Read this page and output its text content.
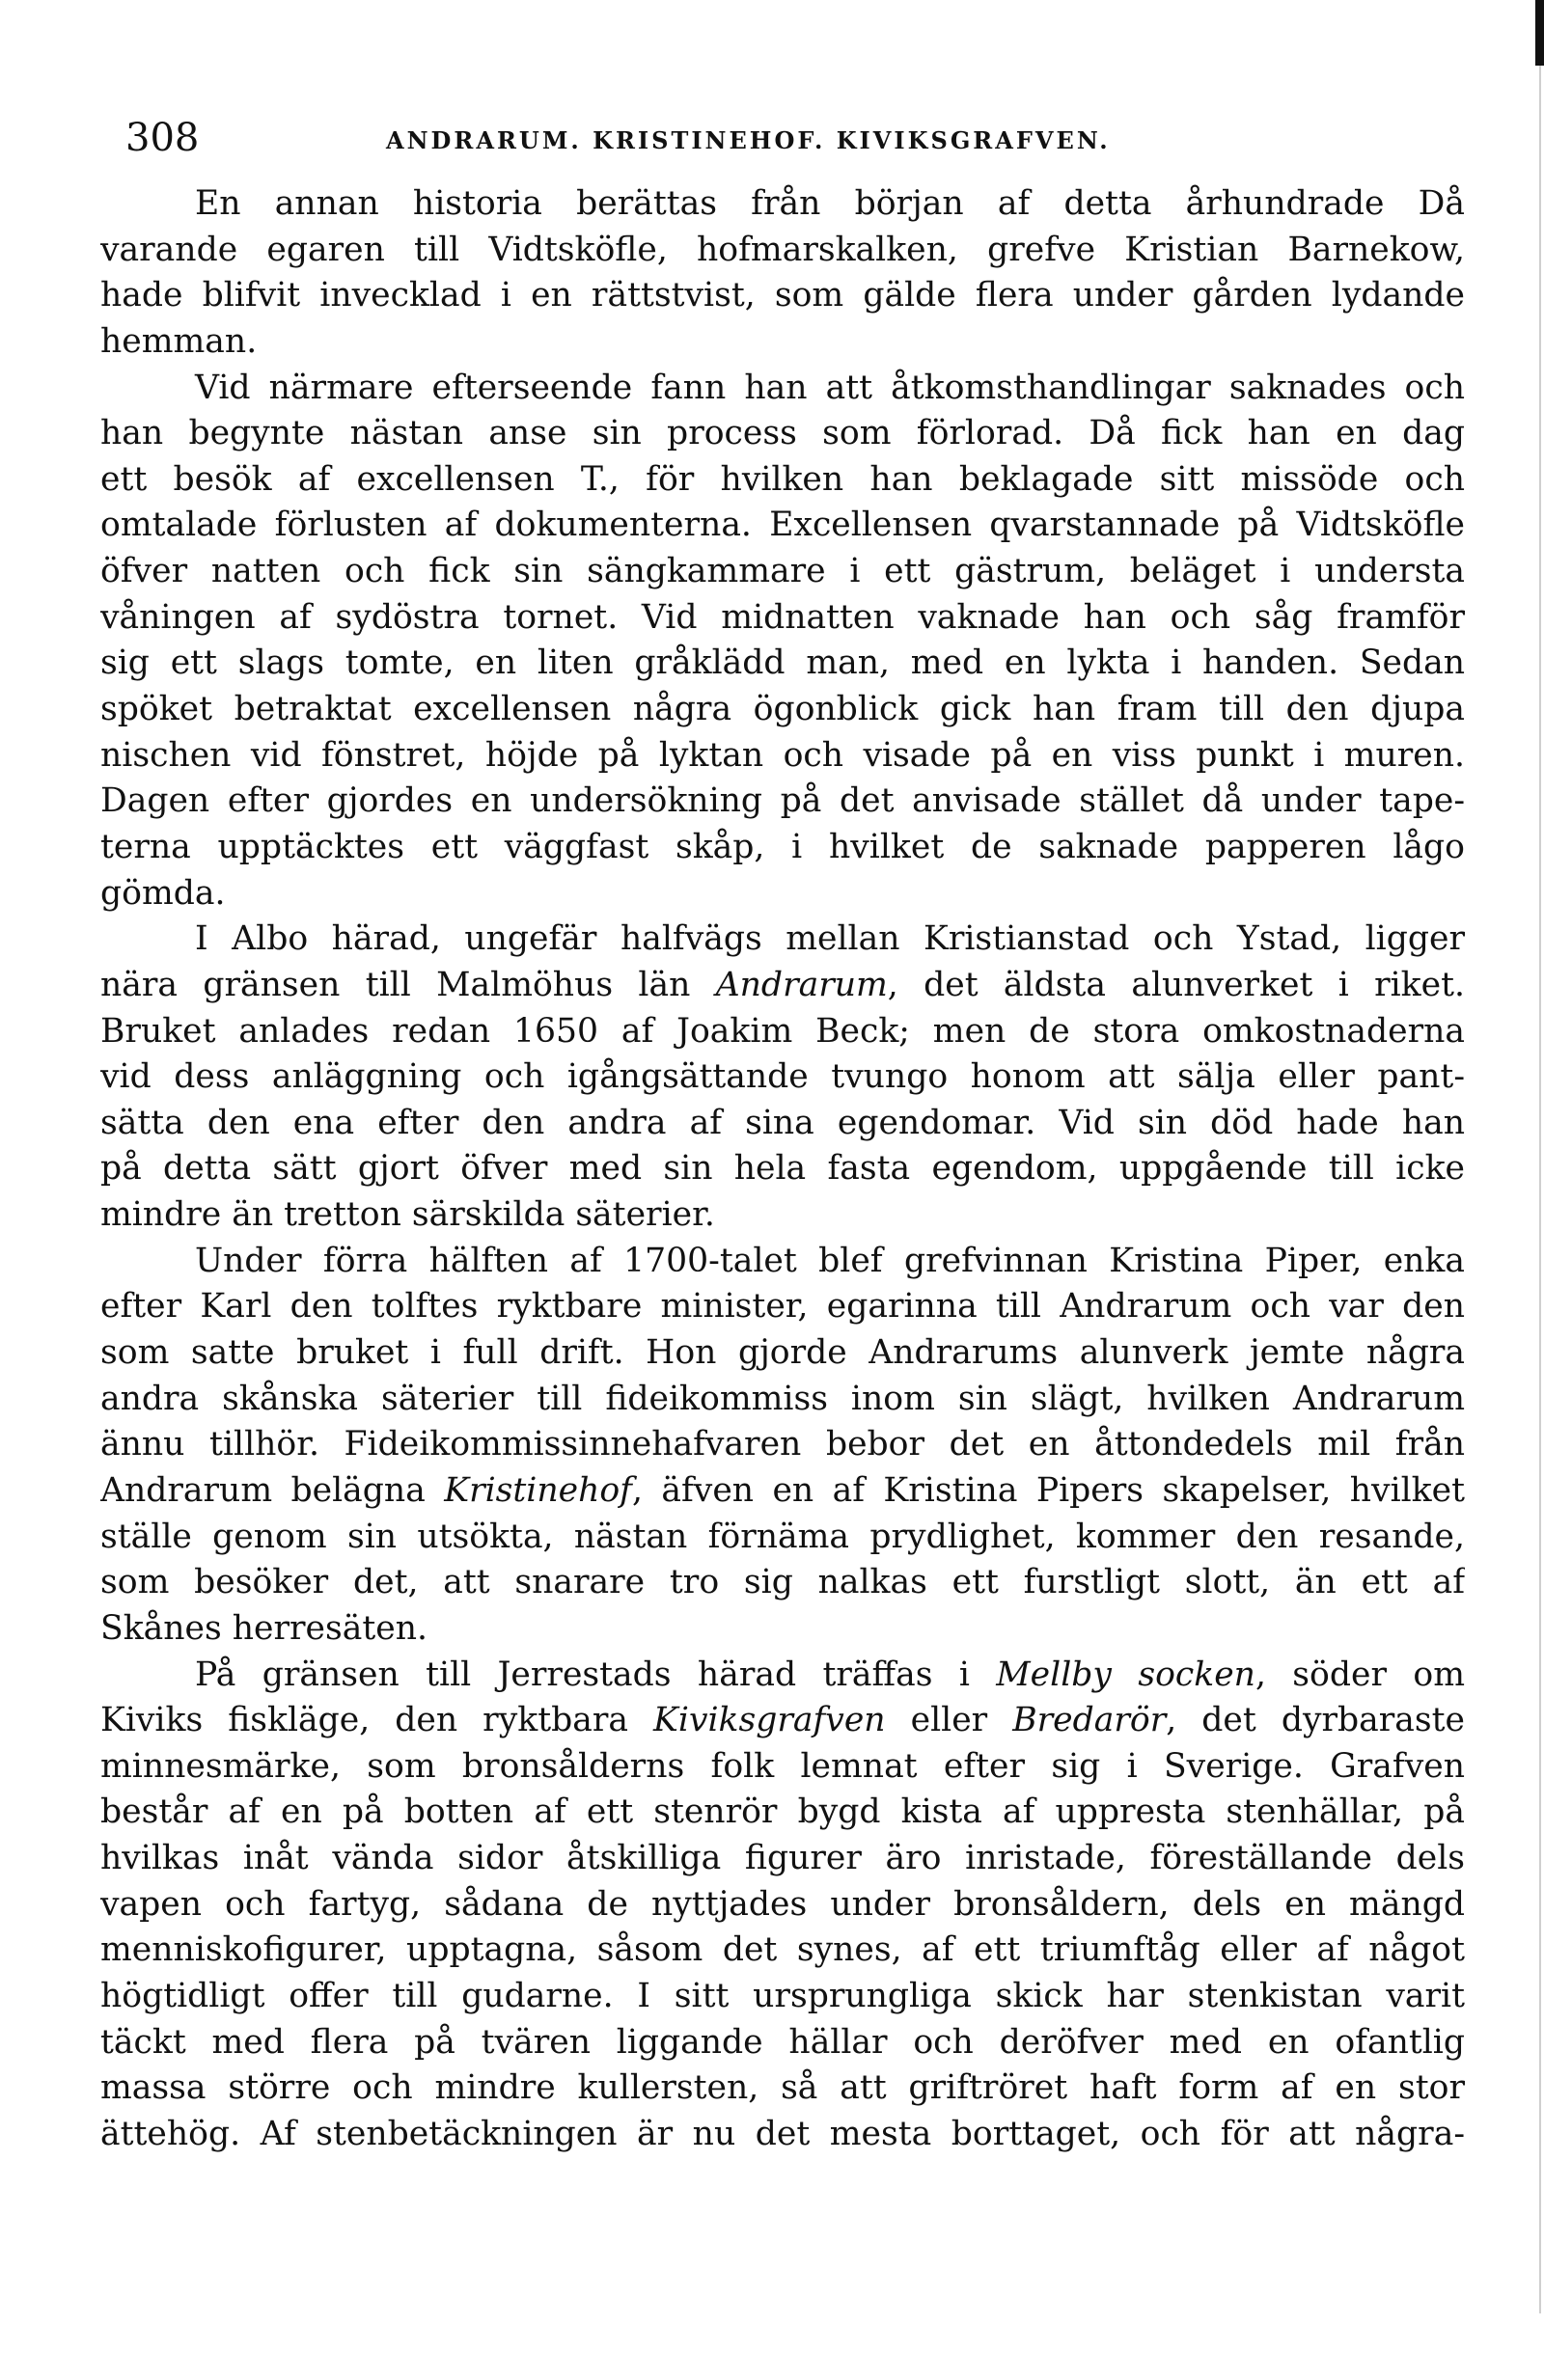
308	ANDRARUM. KRISTINEHOF. KIVIKSGRAFVEN.
En annan historia berättas från början af detta århundrade Då
varande egaren till Vidtsköfle, hofmarskalken, grefve Kristian Barnekow,
hade blifvit invecklad i en rättstvist, som gälde flera under gården lydande
hemman.
Vid närmare efterseende fann han att åtkomsthandlingar saknades och
han begynte nästan anse sin process som förlorad. Då fick han en dag
ett besök af excellensen T., för hvilken han beklagade sitt missöde och
omtalade förlusten af dokumenterna. Excellensen qvarstannade på Vidtsköfle
öfver natten och fick sin sängkammare i ett gästrum, beläget i understa
våningen af sydöstra tornet. Vid midnatten vaknade han och såg framför
sig ett slags tomte, en liten gråklädd man, med en lykta i handen. Sedan
spöket betraktat excellensen några ögonblick gick han fram till den djupa
nischen vid fönstret, höjde på lyktan och visade på en viss punkt i muren.
Dagen efter gjordes en undersökning på det anvisade stället då under tape-
terna upptäcktes ett väggfast skåp, i hvilket de saknade papperen lågo
gömda.
I Albo härad, ungefär halfvägs mellan Kristianstad och Ystad, ligger
nära gränsen till Malmöhus län Andrarum, det äldsta alunverket i riket.
Bruket anlades redan 1650 af Joakim Beck; men de stora omkostnaderna
vid dess anläggning och igångsättande tvungo honom att sälja eller pant-
sätta den ena efter den andra af sina egendomar. Vid sin död hade han
på detta sätt gjort öfver med sin hela fasta egendom, uppgående till icke
mindre än tretton särskilda säterier.
Under förra hälften af 1700-talet blef grefvinnan Kristina Piper, enka
efter Karl den tolftes ryktbare minister, egarinna till Andrarum och var den
som satte bruket i full drift. Hon gjorde Andrarums alunverk jemte några
andra skånska säterier till fideikommiss inom sin slägt, hvilken Andrarum
ännu tillhör. Fideikommissinnehafvaren bebor det en åttondedels mil från
Andrarum belägna Kristinehof, äfven en af Kristina Pipers skapelser, hvilket
ställe genom sin utsökta, nästan förnäma prydlighet, kommer den resande,
som besöker det, att snarare tro sig nalkas ett furstligt slott, än ett af
Skånes herresäten.
På gränsen till Jerrestads härad träffas i Mellby socken, söder om
Kiviks fiskläge, den ryktbara Kiviksgrafven eller Bredarör, det dyrbaraste
minnesmärke, som bronsålderns folk lemnat efter sig i Sverige. Grafven
består af en på botten af ett stenrör bygd kista af uppresta stenhällar, på
hvilkas inåt vända sidor åtskilliga figurer äro inristade, föreställande dels
vapen och fartyg, sådana de nyttjades under bronsåldern, dels en mängd
menniskofigurer, upptagna, såsom det synes, af ett triumftåg eller af något
högtidligt offer till gudarne. I sitt ursprungliga skick har stenkistan varit
täckt med flera på tvären liggande hällar och deröfver med en ofantlig
massa större och mindre kullersten, så att griftröret haft form af en stor
ättehög. Af stenbetäckningen är nu det mesta borttaget, och för att några-
